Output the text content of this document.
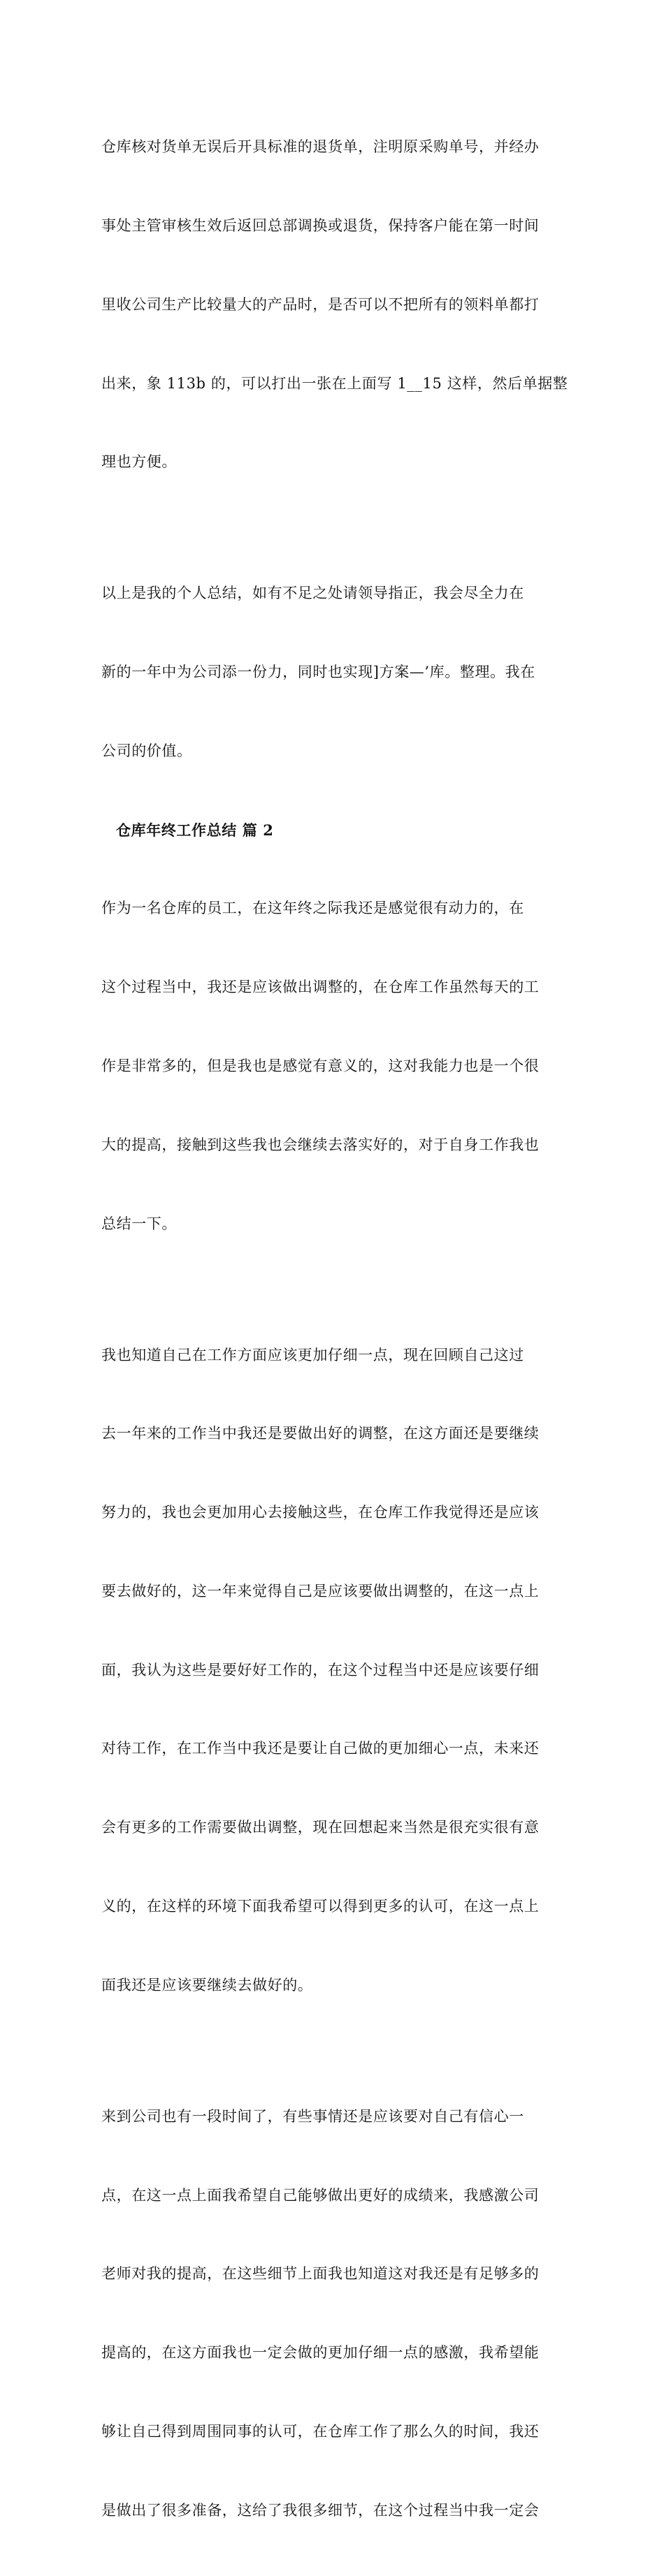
仓库核对货单无误后开具标准的退货单，注明原采购单号，并经办

事处主管审核生效后返回总部调换或退货，保持客户能在第一时间

里收公司生产比较量大的产品时，是否可以不把所有的领料单都打

出来，象 113b 的，可以打出一张在上面写 1__15 这样，然后单据整

理也方便。

以上是我的个人总结，如有不足之处请领导指正，我会尽全力在

新的一年中为公司添一份力，同时也实现]方案—’库。整理。我在

公司的价值。

仓库年终工作总结 篇 2

作为一名仓库的员工，在这年终之际我还是感觉很有动力的，在

这个过程当中，我还是应该做出调整的，在仓库工作虽然每天的工

作是非常多的，但是我也是感觉有意义的，这对我能力也是一个很

大的提高，接触到这些我也会继续去落实好的，对于自身工作我也

总结一下。

我也知道自己在工作方面应该更加仔细一点，现在回顾自己这过

去一年来的工作当中我还是要做出好的调整，在这方面还是要继续

努力的，我也会更加用心去接触这些，在仓库工作我觉得还是应该

要去做好的，这一年来觉得自己是应该要做出调整的，在这一点上

面，我认为这些是要好好工作的，在这个过程当中还是应该要仔细

对待工作，在工作当中我还是要让自己做的更加细心一点，未来还

会有更多的工作需要做出调整，现在回想起来当然是很充实很有意

义的，在这样的环境下面我希望可以得到更多的认可，在这一点上

面我还是应该要继续去做好的。

来到公司也有一段时间了，有些事情还是应该要对自己有信心一

点，在这一点上面我希望自己能够做出更好的成绩来，我感激公司

老师对我的提高，在这些细节上面我也知道这对我还是有足够多的

提高的，在这方面我也一定会做的更加仔细一点的感激，我希望能

够让自己得到周围同事的认可，在仓库工作了那么久的时间，我还

是做出了很多准备，这给了我很多细节，在这个过程当中我一定会
